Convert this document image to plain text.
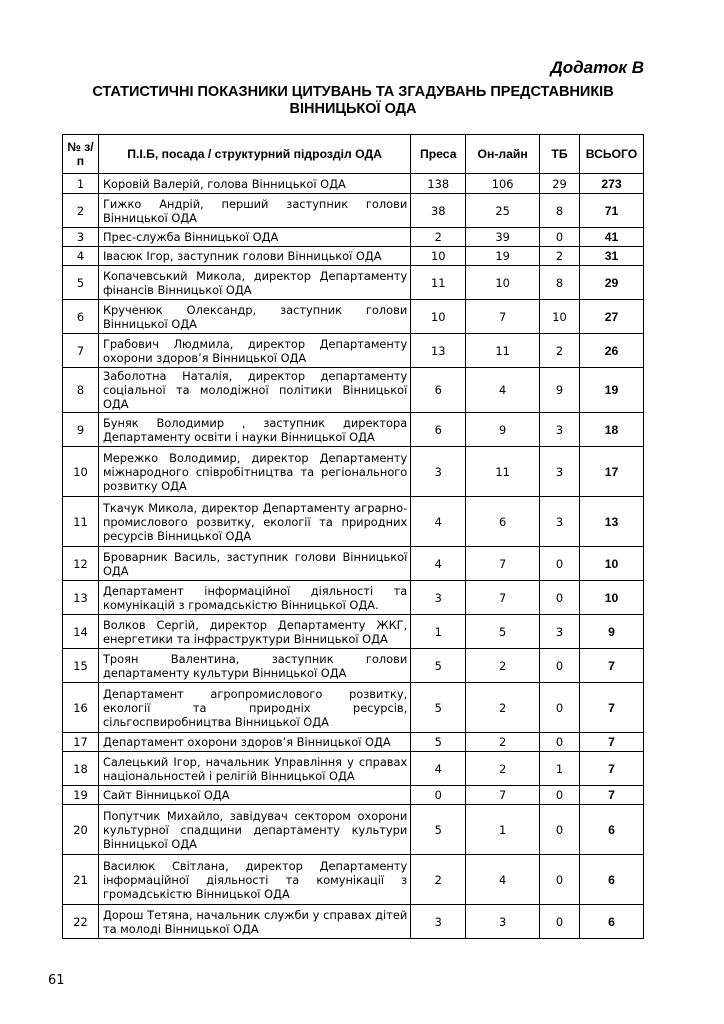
Додаток В
СТАТИСТИЧНІ ПОКАЗНИКИ ЦИТУВАНЬ ТА ЗГАДУВАНЬ ПРЕДСТАВНИКІВ ВІННИЦЬКОЇ ОДА
№ з/п	П.І.Б, посада / структурний підрозділ ОДА	Преса	Он-лайн	ТБ	ВСЬОГО
1	Коровій Валерій, голова Вінницької ОДА	138	106	29	273
2	Гижко Андрій, перший заступник голови Вінницької ОДА	38	25	8	71
3	Прес-служба Вінницької ОДА	2	39	0	41
4	Івасюк Ігор, заступник голови Вінницької ОДА	10	19	2	31
5	Копачевський Микола, директор Департаменту фінансів Вінницької ОДА	11	10	8	29
6	Крученюк Олександр, заступник голови Вінницької ОДА	10	7	10	27
7	Грабович Людмила, директор Департаменту охорони здоров’я Вінницької ОДА	13	11	2	26
8	Заболотна Наталія, директор департаменту соціальної та молодіжної політики Вінницької ОДА	6	4	9	19
9	Буняк Володимир , заступник директора Департаменту освіти і науки Вінницької ОДА	6	9	3	18
10	Мережко Володимир, директор Департаменту міжнародного співробітництва та регіонального розвитку ОДА	3	11	3	17
11	Ткачук Микола, директор Департаменту аграрно-промислового розвитку, екології та природних ресурсів Вінницької ОДА	4	6	3	13
12	Броварник Василь, заступник голови Вінницької ОДА	4	7	0	10
13	Департамент інформаційної діяльності та комунікацій з громадськістю Вінницької ОДА.	3	7	0	10
14	Волков Сергій, директор Департаменту ЖКГ, енергетики та інфраструктури Вінницької ОДА	1	5	3	9
15	Троян Валентина, заступник голови департаменту культури Вінницької ОДА	5	2	0	7
16	Департамент агропромислового розвитку, екології та природніх ресурсів, сільгоспвиробництва Вінницької ОДА	5	2	0	7
17	Департамент охорони здоров’я Вінницької ОДА	5	2	0	7
18	Салецький Ігор, начальник Управління у справах національностей і релігій Вінницької ОДА	4	2	1	7
19	Сайт Вінницької ОДА	0	7	0	7
20	Попутчик Михайло, завідувач сектором охорони культурної спадщини департаменту культури Вінницької ОДА	5	1	0	6
21	Василюк Світлана, директор Департаменту інформаційної діяльності та комунікації з громадськістю Вінницької ОДА	2	4	0	6
22	Дорош Тетяна, начальник служби у справах дітей та молоді Вінницької ОДА	3	3	0	6
61
